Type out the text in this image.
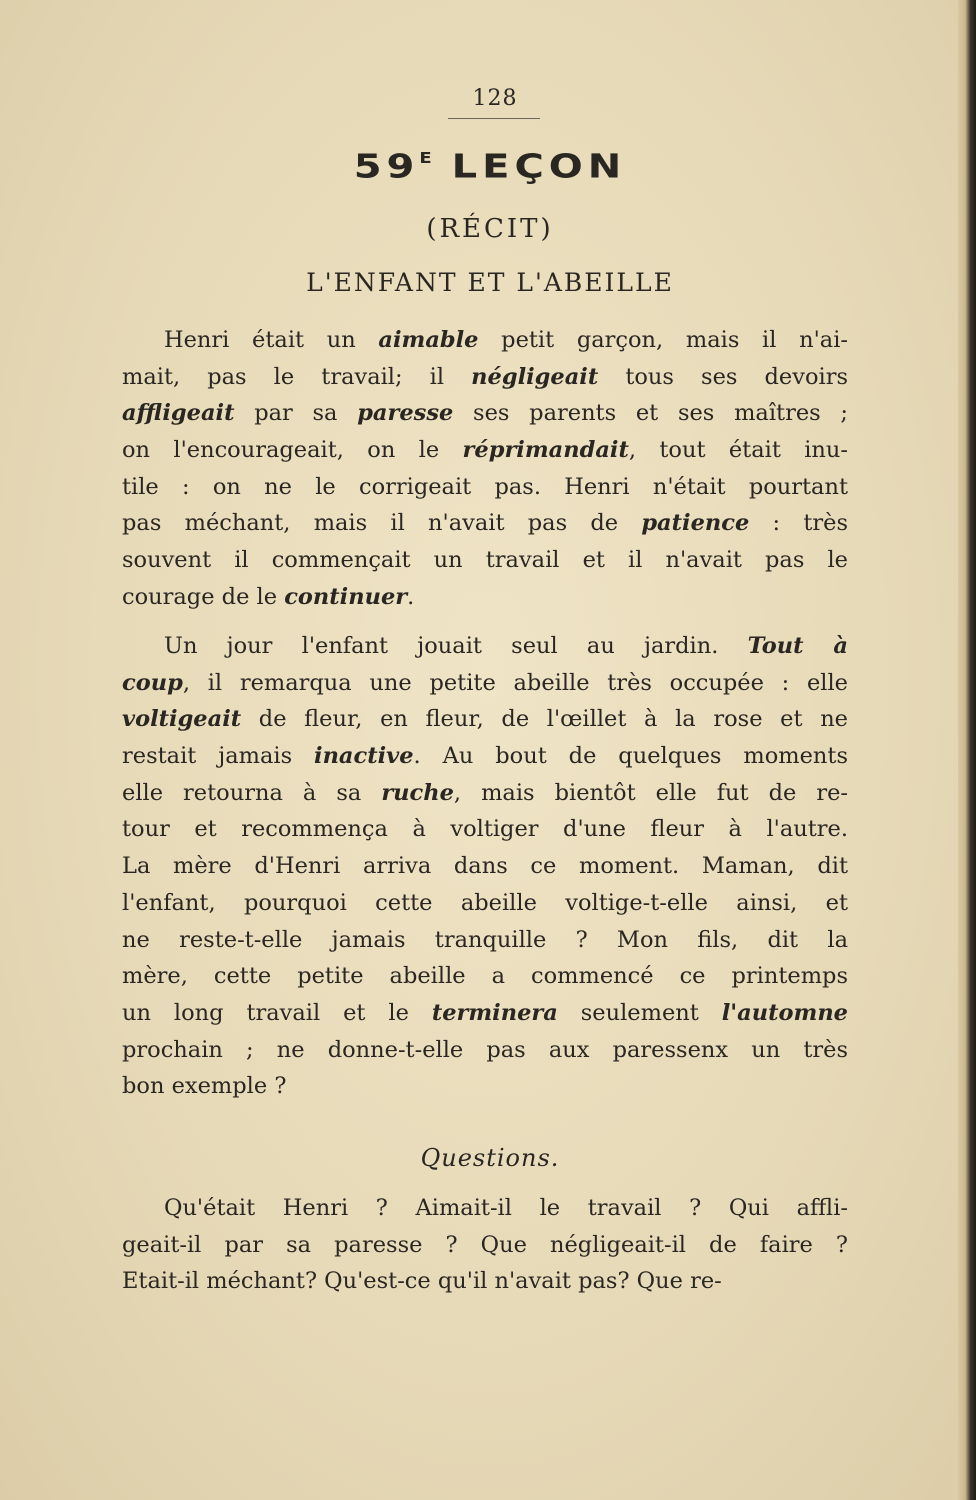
128
$59^E$ LEÇON
(RÉCIT)
L'ENFANT ET L'ABEILLE
Henri était un aimable petit garçon, mais il n'ai-
mait, pas le travail; il négligeait tous ses devoirs
affligeait par sa paresse ses parents et ses maîtres ;
on l'encourageait, on le réprimandait, tout était inu-
tile : on ne le corrigeait pas. Henri n'était pourtant
pas méchant, mais il n'avait pas de patience : très
souvent il commençait un travail et il n'avait pas le
courage de le continuer.
Un jour l'enfant jouait seul au jardin. Tout à
coup, il remarqua une petite abeille très occupée : elle
voltigeait de fleur, en fleur, de l'œillet à la rose et ne
restait jamais inactive. Au bout de quelques moments
elle retourna à sa ruche, mais bientôt elle fut de re-
tour et recommença à voltiger d'une fleur à l'autre.
La mère d'Henri arriva dans ce moment. Maman, dit
l'enfant, pourquoi cette abeille voltige-t-elle ainsi, et
ne reste-t-elle jamais tranquille ? Mon fils, dit la
mère, cette petite abeille a commencé ce printemps
un long travail et le terminera seulement l'automne
prochain ; ne donne-t-elle pas aux paressenx un très
bon exemple ?
Questions.
Qu'était Henri ? Aimait-il le travail ? Qui affli-
geait-il par sa paresse ? Que négligeait-il de faire ?
Etait-il méchant? Qu'est-ce qu'il n'avait pas? Que re-
